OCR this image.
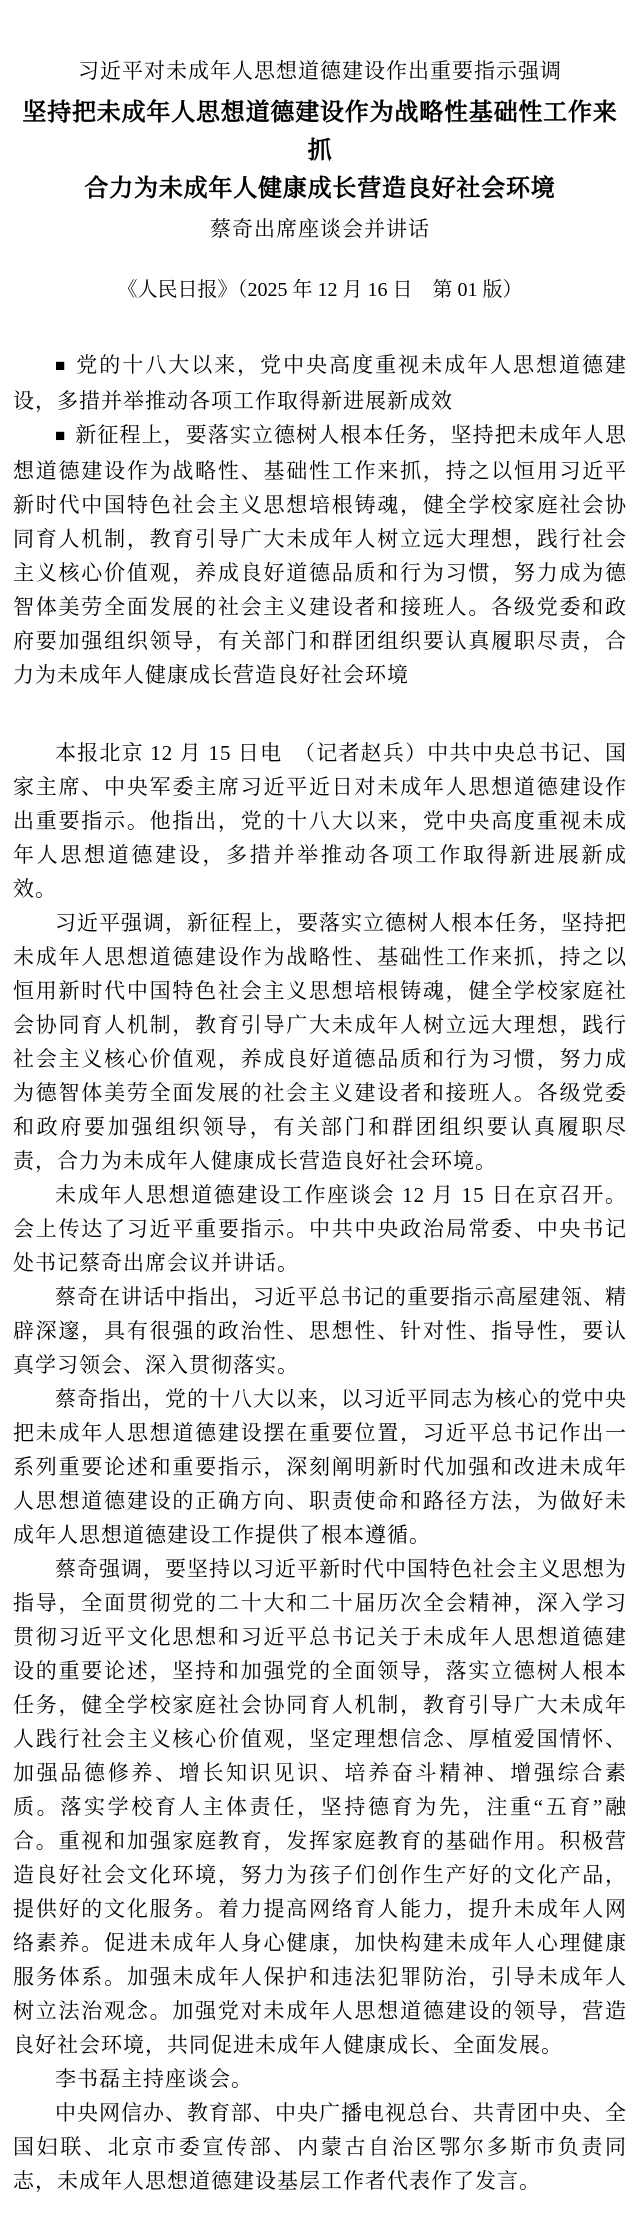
习近平对未成年人思想道德建设作出重要指示强调
坚持把未成年人思想道德建设作为战略性基础性工作来抓
合力为未成年人健康成长营造良好社会环境
蔡奇出席座谈会并讲话
《人民日报》（2025 年 12 月 16 日　第 01 版）

■ 党的十八大以来，党中央高度重视未成年人思想道德建设，多措并举推动各项工作取得新进展新成效

■ 新征程上，要落实立德树人根本任务，坚持把未成年人思想道德建设作为战略性、基础性工作来抓，持之以恒用习近平新时代中国特色社会主义思想培根铸魂，健全学校家庭社会协同育人机制，教育引导广大未成年人树立远大理想，践行社会主义核心价值观，养成良好道德品质和行为习惯，努力成为德智体美劳全面发展的社会主义建设者和接班人。各级党委和政府要加强组织领导，有关部门和群团组织要认真履职尽责，合力为未成年人健康成长营造良好社会环境

本报北京 12 月 15 日电　（记者赵兵）中共中央总书记、国家主席、中央军委主席习近平近日对未成年人思想道德建设作出重要指示。他指出，党的十八大以来，党中央高度重视未成年人思想道德建设，多措并举推动各项工作取得新进展新成效。

习近平强调，新征程上，要落实立德树人根本任务，坚持把未成年人思想道德建设作为战略性、基础性工作来抓，持之以恒用新时代中国特色社会主义思想培根铸魂，健全学校家庭社会协同育人机制，教育引导广大未成年人树立远大理想，践行社会主义核心价值观，养成良好道德品质和行为习惯，努力成为德智体美劳全面发展的社会主义建设者和接班人。各级党委和政府要加强组织领导，有关部门和群团组织要认真履职尽责，合力为未成年人健康成长营造良好社会环境。

未成年人思想道德建设工作座谈会 12 月 15 日在京召开。会上传达了习近平重要指示。中共中央政治局常委、中央书记处书记蔡奇出席会议并讲话。

蔡奇在讲话中指出，习近平总书记的重要指示高屋建瓴、精辟深邃，具有很强的政治性、思想性、针对性、指导性，要认真学习领会、深入贯彻落实。

蔡奇指出，党的十八大以来，以习近平同志为核心的党中央把未成年人思想道德建设摆在重要位置，习近平总书记作出一系列重要论述和重要指示，深刻阐明新时代加强和改进未成年人思想道德建设的正确方向、职责使命和路径方法，为做好未成年人思想道德建设工作提供了根本遵循。

蔡奇强调，要坚持以习近平新时代中国特色社会主义思想为指导，全面贯彻党的二十大和二十届历次全会精神，深入学习贯彻习近平文化思想和习近平总书记关于未成年人思想道德建设的重要论述，坚持和加强党的全面领导，落实立德树人根本任务，健全学校家庭社会协同育人机制，教育引导广大未成年人践行社会主义核心价值观，坚定理想信念、厚植爱国情怀、加强品德修养、增长知识见识、培养奋斗精神、增强综合素质。落实学校育人主体责任，坚持德育为先，注重“五育”融合。重视和加强家庭教育，发挥家庭教育的基础作用。积极营造良好社会文化环境，努力为孩子们创作生产好的文化产品，提供好的文化服务。着力提高网络育人能力，提升未成年人网络素养。促进未成年人身心健康，加快构建未成年人心理健康服务体系。加强未成年人保护和违法犯罪防治，引导未成年人树立法治观念。加强党对未成年人思想道德建设的领导，营造良好社会环境，共同促进未成年人健康成长、全面发展。

李书磊主持座谈会。

中央网信办、教育部、中央广播电视总台、共青团中央、全国妇联、北京市委宣传部、内蒙古自治区鄂尔多斯市负责同志，未成年人思想道德建设基层工作者代表作了发言。
